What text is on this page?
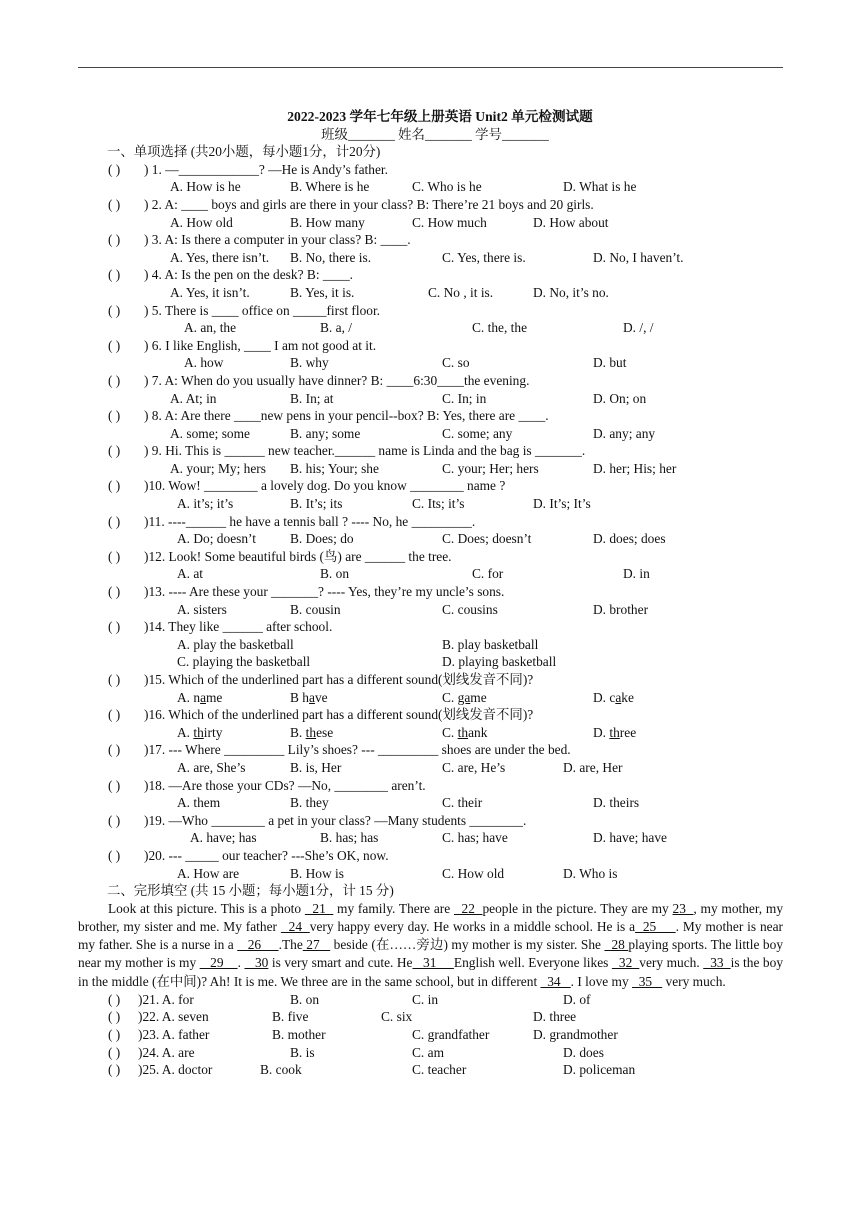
2022-2023 学年七年级上册英语 Unit2 单元检测试题
班级_______ 姓名_______ 学号_______
一、单项选择 (共20小题，每小题1分，计20分)
( ) ) 1. —____________? —He is Andy’s father.
A. How is he	B. Where is he	C. Who is he	D. What is he
( ) ) 2. A: ____ boys and girls are there in your class? B: There’re 21 boys and 20 girls.
A. How old	B. How many	C. How much	D. How about
( ) ) 3. A: Is there a computer in your class? B: ____.
A. Yes, there isn’t. B. No, there is.	C. Yes, there is.	D. No, I haven’t.
( ) ) 4. A: Is the pen on the desk? B: ____.
A. Yes, it isn’t.	B. Yes, it is.	C. No , it is.	D. No, it’s no.
( ) ) 5. There is ____ office on _____first floor.
A. an, the	B. a, /	C. the, the	D. /, /
( ) ) 6. I like English, ____ I am not good at it.
A. how	B. why	C. so	D. but
( ) ) 7. A: When do you usually have dinner? B: ____6:30____the evening.
A. At; in	B. In; at	C. In; in	D. On; on
( ) ) 8. A: Are there ____new pens in your pencil--box? B: Yes, there are ____.
A. some; some	B. any; some	C. some; any	D. any; any
( ) ) 9. Hi. This is ______ new teacher.______ name is Linda and the bag is _______.
A. your; My; hers B. his; Your; she	C. your; Her; hers	D. her; His; her
( ) )10. Wow! ________ a lovely dog. Do you know ________ name ?
A. it’s; it’s	B. It’s; its	C. Its; it’s	D. It’s; It’s
( ) )11. ----______ he have a tennis ball ? ---- No, he _________.
A. Do; doesn’t	B. Does; do	C. Does; doesn’t	D. does; does
( ) )12. Look! Some beautiful birds (鸟) are ______ the tree.
A. at	B. on	C. for	D. in
( ) )13. ---- Are these your _______? ---- Yes, they’re my uncle’s sons.
A. sisters	B. cousin	C. cousins	D. brother
( ) )14. They like ______ after school.
A. play the basketball	B. play basketball
C. playing the basketball	D. playing basketball
( ) )15. Which of the underlined part has a different sound(划线发音不同)?
A. name	B have	C. game	D. cake
( ) )16. Which of the underlined part has a different sound(划线发音不同)?
A. thirty	B. these	C. thank	D. three
( ) )17. --- Where _________ Lily’s shoes? --- _________ shoes are under the bed.
A. are, She’s	B. is, Her	C. are, He’s	D. are, Her
( ) )18. —Are those your CDs? —No, ________ aren’t.
A. them	B. they	C. their	D. theirs
( ) )19. —Who ________ a pet in your class? —Many students ________.
A. have; has	B. has; has	C. has; have	D. have; have
( ) )20. --- _____ our teacher? ---She’s OK, now.
A. How are	B. How is	C. How old	D. Who is
二、完形填空 (共 15 小题；每小题1分，计 15 分)

Look at this picture. This is a photo   21   my family. There are   22  people in the picture. They are my 23  , my mother, my brother, my sister and me. My father   24  very happy every day. He works in a middle school. He is a  25     . My mother is near my father. She is a nurse in a    26     .The 27    beside (在……旁边) my mother is my sister. She   28 playing sports. The little boy near my mother is my    29    .    30 is very smart and cute. He   31     English well. Everyone likes   32  very much.   33  is the boy in the middle (在中间)? Ah! It is me. We three are in the same school, but in different   34   . I love my   35    very much.

( ) )21. A. for	B. on	C. in	D. of
( ) )22. A. seven	B. five	C. six	D. three
( ) )23. A. father	B. mother	C. grandfather	D. grandmother
( ) )24. A. are	B. is	C. am	D. does
( ) )25. A. doctor	B. cook	C. teacher	D. policeman
